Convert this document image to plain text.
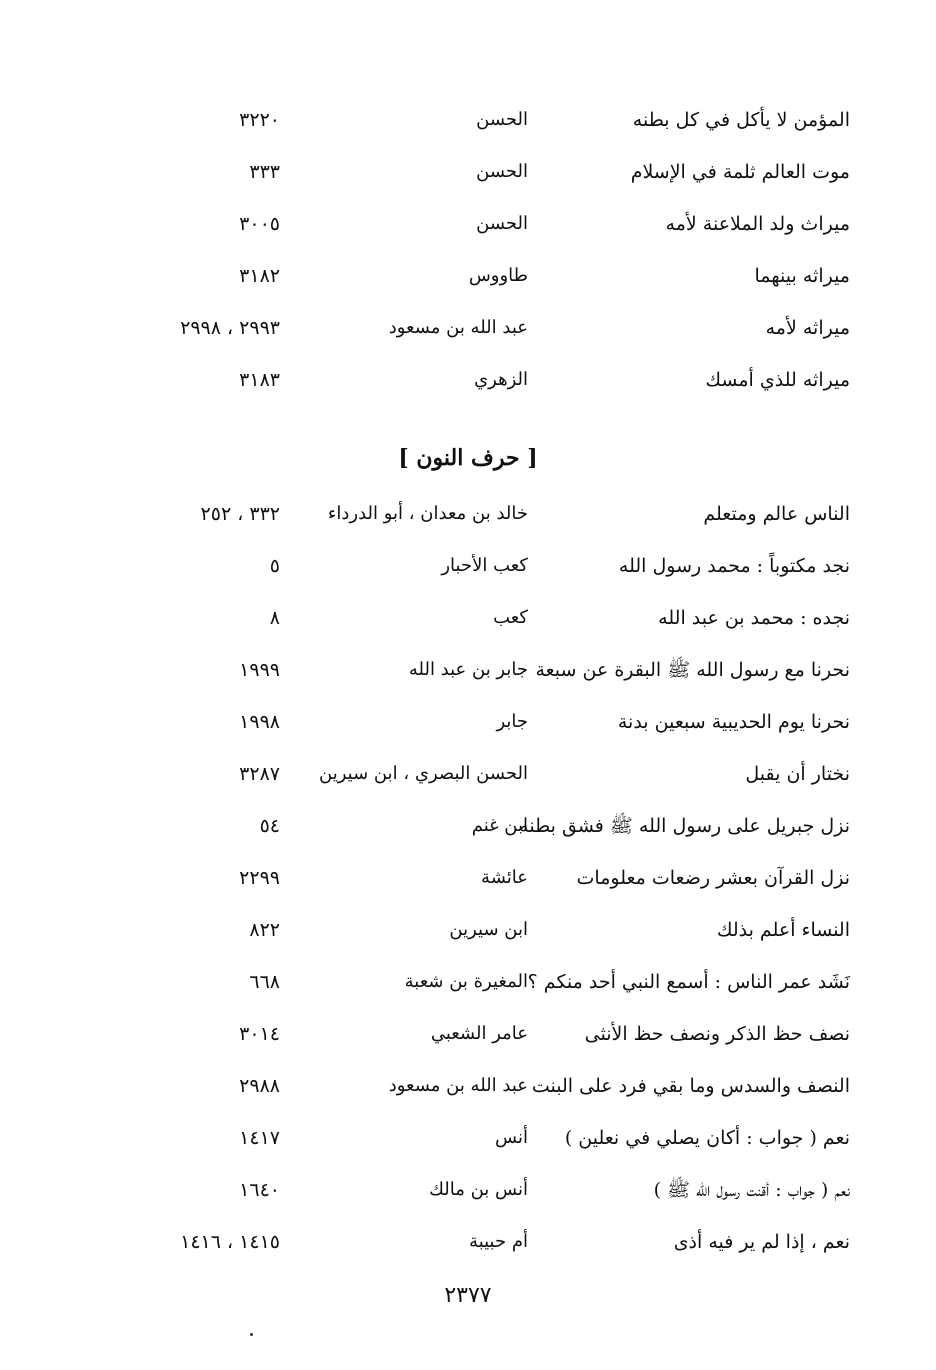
المؤمن لا يأكل في كل بطنه
الحسن
٣٢٢٠
موت العالم ثلمة في الإسلام
الحسن
٣٣٣
ميراث ولد الملاعنة لأمه
الحسن
٣٠٠٥
ميراثه بينهما
طاووس
٣١٨٢
ميراثه لأمه
عبد الله بن مسعود
٢٩٩٣ ، ٢٩٩٨
ميراثه للذي أمسك
الزهري
٣١٨٣
[ حرف النون ]
الناس عالم ومتعلم
خالد بن معدان ، أبو الدرداء
٣٣٢ ، ٢٥٢
نجد مكتوباً : محمد رسول الله
كعب الأحبار
٥
نجده : محمد بن عبد الله
كعب
٨
نحرنا مع رسول الله ﷺ البقرة عن سبعة
جابر بن عبد الله
١٩٩٩
نحرنا يوم الحديبية سبعين بدنة
جابر
١٩٩٨
نختار أن يقبل
الحسن البصري ، ابن سيرين
٣٢٨٧
نزل جبريل على رسول الله ﷺ فشق بطنه
ابن غنم
٥٤
نزل القرآن بعشر رضعات معلومات
عائشة
٢٢٩٩
النساء أعلم بذلك
ابن سيرين
٨٢٢
نَشَد عمر الناس : أسمع النبي أحد منكم ؟
المغيرة بن شعبة
٦٦٨
نصف حظ الذكر ونصف حظ الأنثى
عامر الشعبي
٣٠١٤
النصف والسدس وما بقي فرد على البنت
عبد الله بن مسعود
٢٩٨٨
نعم ( جواب : أكان يصلي في نعلين )
أنس
١٤١٧
نعم ( جواب : أقنت رسول الله ﷺ )
أنس بن مالك
١٦٤٠
نعم ، إذا لم ير فيه أذى
أم حبيبة
١٤١٥ ، ١٤١٦
٢٣٧٧
